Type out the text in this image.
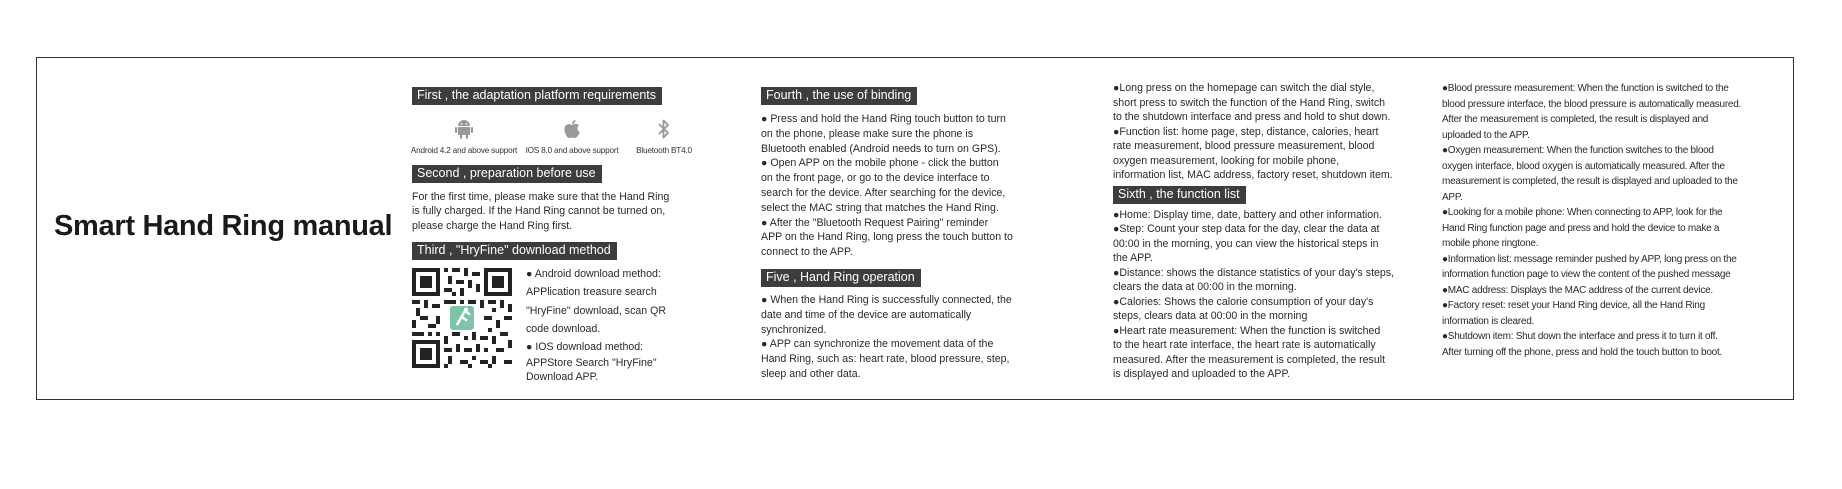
Smart Hand Ring manual
First , the adaptation platform requirements
Android 4.2 and above support IOS 8.0 and above support Bluetooth BT4.0
Second , preparation before use
For the first time, please make sure that the Hand Ring
is fully charged. If the Hand Ring cannot be turned on,
please charge the Hand Ring first.
Third , "HryFine" download method
● Android download method:
APPlication treasure search
"HryFine" download, scan QR
code download.
● IOS download method:
APPStore Search "HryFine"
Download APP.
Fourth , the use of binding
● Press and hold the Hand Ring touch button to turn
on the phone, please make sure the phone is
Bluetooth enabled (Android needs to turn on GPS).
● Open APP on the mobile phone - click the button
on the front page, or go to the device interface to
search for the device. After searching for the device,
select the MAC string that matches the Hand Ring.
● After the "Bluetooth Request Pairing" reminder
APP on the Hand Ring, long press the touch button to
connect to the APP.
Five , Hand Ring operation
● When the Hand Ring is successfully connected, the
date and time of the device are automatically
synchronized.
● APP can synchronize the movement data of the
Hand Ring, such as: heart rate, blood pressure, step,
sleep and other data.
●Long press on the homepage can switch the dial style,
short press to switch the function of the Hand Ring, switch
to the shutdown interface and press and hold to shut down.
●Function list: home page, step, distance, calories, heart
rate measurement, blood pressure measurement, blood
oxygen measurement, looking for mobile phone,
information list, MAC address, factory reset, shutdown item.
Sixth , the function list
●Home: Display time, date, battery and other information.
●Step: Count your step data for the day, clear the data at
00:00 in the morning, you can view the historical steps in
the APP.
●Distance: shows the distance statistics of your day's steps,
clears the data at 00:00 in the morning.
●Calories: Shows the calorie consumption of your day's
steps, clears data at 00:00 in the morning
●Heart rate measurement: When the function is switched
to the heart rate interface, the heart rate is automatically
measured. After the measurement is completed, the result
is displayed and uploaded to the APP.
●Blood pressure measurement: When the function is switched to the
blood pressure interface, the blood pressure is automatically measured.
After the measurement is completed, the result is displayed and
uploaded to the APP.
●Oxygen measurement: When the function switches to the blood
oxygen interface, blood oxygen is automatically measured. After the
measurement is completed, the result is displayed and uploaded to the
APP.
●Looking for a mobile phone: When connecting to APP, look for the
Hand Ring function page and press and hold the device to make a
mobile phone ringtone.
●Information list: message reminder pushed by APP, long press on the
information function page to view the content of the pushed message
●MAC address: Displays the MAC address of the current device.
●Factory reset: reset your Hand Ring device, all the Hand Ring
information is cleared.
●Shutdown item: Shut down the interface and press it to turn it off.
After turning off the phone, press and hold the touch button to boot.
